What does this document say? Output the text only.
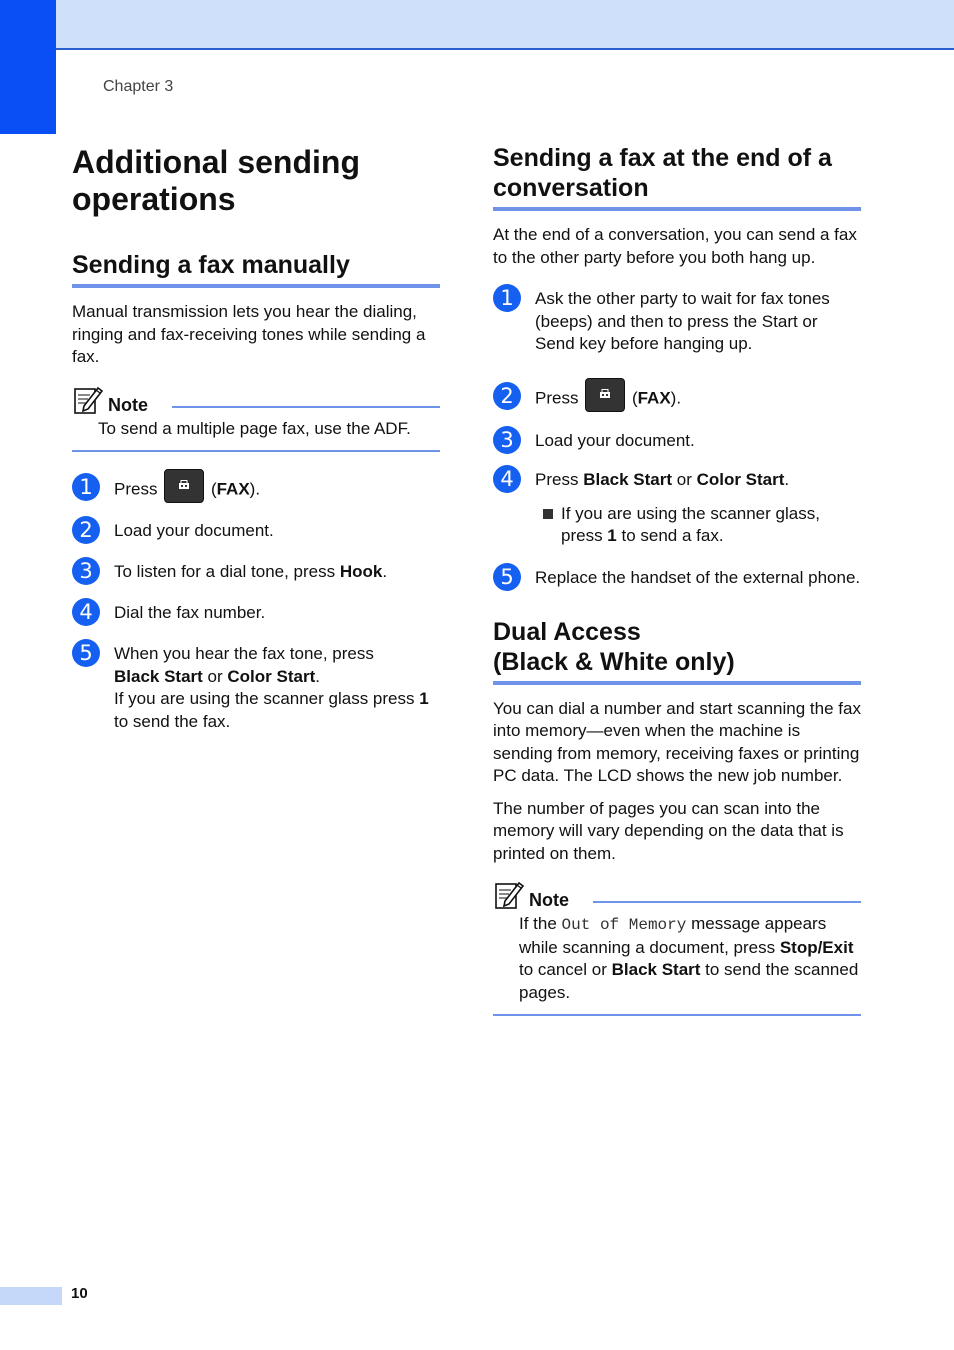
Chapter 3
Additional sending operations
Sending a fax manually

Manual transmission lets you hear the dialing, ringing and fax-receiving tones while sending a fax.

Note
To send a multiple page fax, use the ADF.
1	Press	(FAX).
2	Load your document.
3	To listen for a dial tone, press Hook.
4	Dial the fax number.
5	When you hear the fax tone, press
Black Start or Color Start.
If you are using the scanner glass press 1 to send the fax.
Sending a fax at the end of a conversation

At the end of a conversation, you can send a fax to the other party before you both hang up.

1	Ask the other party to wait for fax tones (beeps) and then to press the Start or Send key before hanging up.
2	Press	(FAX).
3	Load your document.
4	Press Black Start or Color Start.
If you are using the scanner glass, press 1 to send a fax.
5	Replace the handset of the external phone.
Dual Access
(Black & White only)

You can dial a number and start scanning the fax into memory—even when the machine is sending from memory, receiving faxes or printing PC data. The LCD shows the new job number.

The number of pages you can scan into the memory will vary depending on the data that is printed on them.

Note
If the Out of Memory message appears while scanning a document, press Stop/Exit to cancel or Black Start to send the scanned pages.
10
